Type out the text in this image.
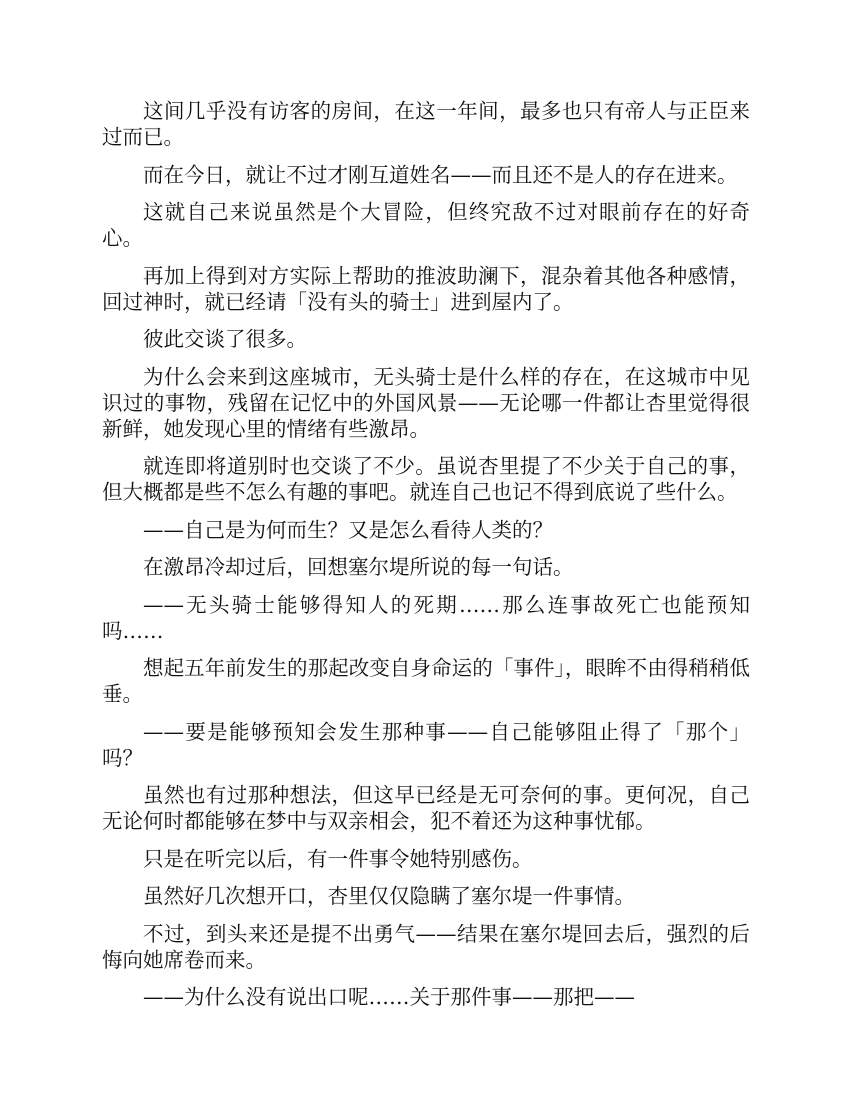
这间几乎没有访客的房间，在这一年间，最多也只有帝人与正臣来过而已。

而在今日，就让不过才刚互道姓名——而且还不是人的存在进来。

这就自己来说虽然是个大冒险，但终究敌不过对眼前存在的好奇心。

再加上得到对方实际上帮助的推波助澜下，混杂着其他各种感情，回过神时，就已经请「没有头的骑士」进到屋内了。

彼此交谈了很多。

为什么会来到这座城市，无头骑士是什么样的存在，在这城市中见识过的事物，残留在记忆中的外国风景——无论哪一件都让杏里觉得很新鲜，她发现心里的情绪有些激昂。

就连即将道别时也交谈了不少。虽说杏里提了不少关于自己的事，但大概都是些不怎么有趣的事吧。就连自己也记不得到底说了些什么。

——自己是为何而生？又是怎么看待人类的？

在激昂冷却过后，回想塞尔堤所说的每一句话。

——无头骑士能够得知人的死期……那么连事故死亡也能预知吗……

想起五年前发生的那起改变自身命运的「事件」，眼眸不由得稍稍低垂。

——要是能够预知会发生那种事——自己能够阻止得了「那个」吗？

虽然也有过那种想法，但这早已经是无可奈何的事。更何况，自己无论何时都能够在梦中与双亲相会，犯不着还为这种事忧郁。

只是在听完以后，有一件事令她特别感伤。

虽然好几次想开口，杏里仅仅隐瞒了塞尔堤一件事情。

不过，到头来还是提不出勇气——结果在塞尔堤回去后，强烈的后悔向她席卷而来。

——为什么没有说出口呢……关于那件事——那把——
